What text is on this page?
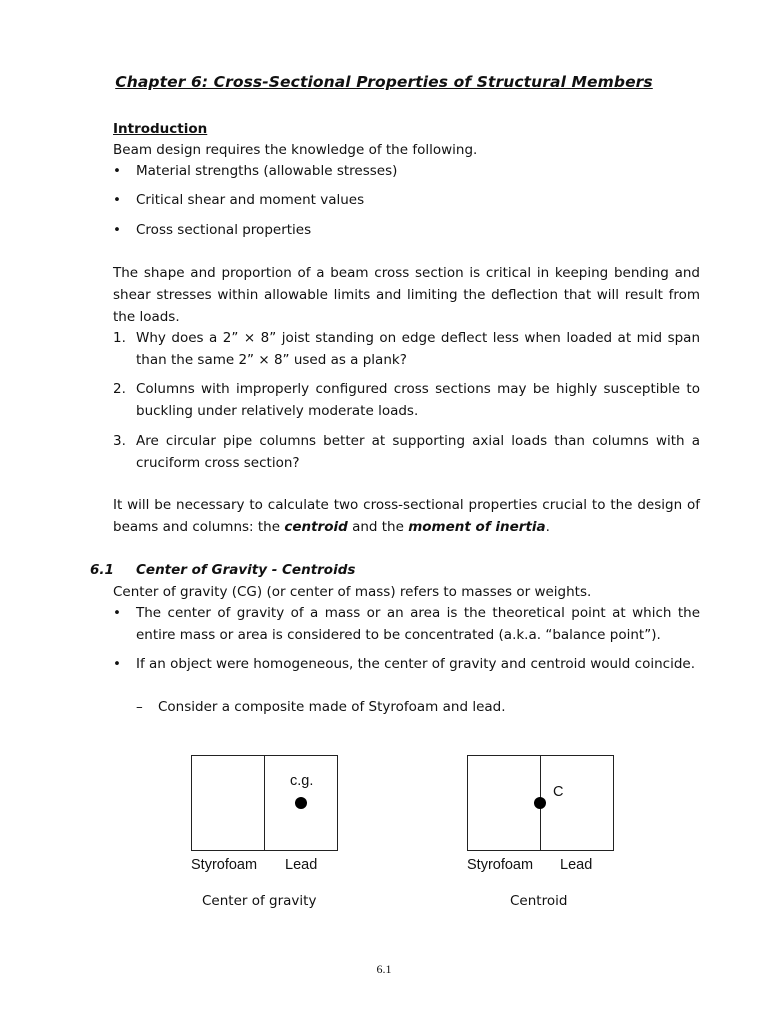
Chapter 6: Cross-Sectional Properties of Structural Members
Introduction
Beam design requires the knowledge of the following.
• Material strengths (allowable stresses)
• Critical shear and moment values
• Cross sectional properties
The shape and proportion of a beam cross section is critical in keeping bending and shear stresses within allowable limits and limiting the deflection that will result from the loads.
1. Why does a 2” × 8” joist standing on edge deflect less when loaded at mid span than the same 2” × 8” used as a plank?
2. Columns with improperly configured cross sections may be highly susceptible to buckling under relatively moderate loads.
3. Are circular pipe columns better at supporting axial loads than columns with a cruciform cross section?
It will be necessary to calculate two cross-sectional properties crucial to the design of beams and columns: the centroid and the moment of inertia.
6.1 Center of Gravity - Centroids
Center of gravity (CG) (or center of mass) refers to masses or weights.
• The center of gravity of a mass or an area is the theoretical point at which the entire mass or area is considered to be concentrated (a.k.a. “balance point”).
• If an object were homogeneous, the center of gravity and centroid would coincide.
– Consider a composite made of Styrofoam and lead.
c.g.
Styrofoam Lead
Center of gravity
C
Styrofoam Lead
Centroid
6.1
